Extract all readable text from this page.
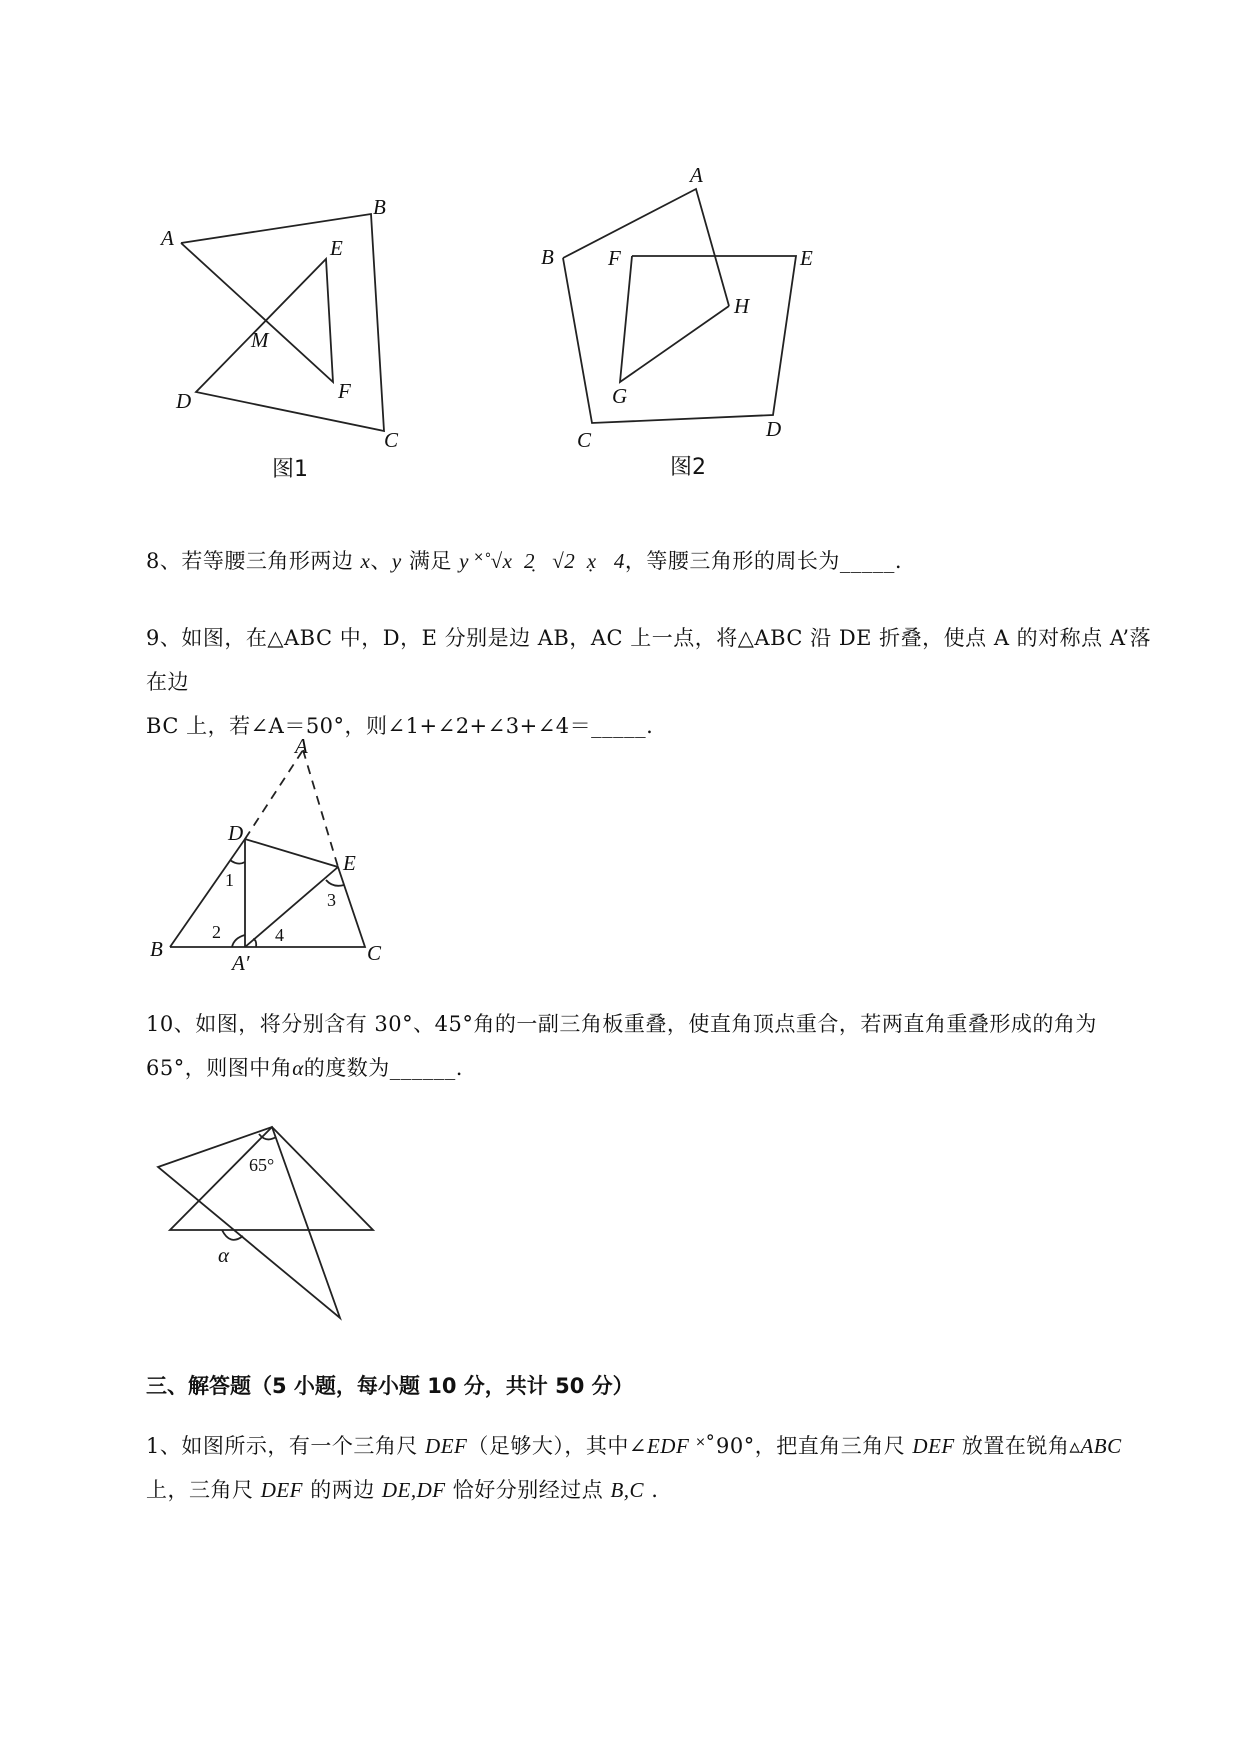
A
B
C
D
E
F
M
图1
A
B
C	D
E
F
G
H
图2
8、若等腰三角形两边 x、y 满足 y ˟˚√x  2̣   √2  x̣   4，等腰三角形的周长为_____.
9、如图，在△ABC 中，D，E 分别是边 AB，AC 上一点，将△ABC 沿 DE 折叠，使点 A 的对称点 A’落在边
BC 上，若∠A＝50°，则∠1+∠2+∠3+∠4＝_____.
A
D
E
B	C
A′
1
2
3
4
10、如图，将分别含有 30°、45°角的一副三角板重叠，使直角顶点重合，若两直角重叠形成的角为
65°，则图中角α的度数为______.
65°
α
三、解答题（5 小题，每小题 10 分，共计 50 分）
1、如图所示，有一个三角尺 DEF（足够大），其中∠EDF ˟˚90°，把直角三角尺 DEF 放置在锐角▵ABC
上，三角尺 DEF 的两边 DE,DF 恰好分别经过点 B,C .
